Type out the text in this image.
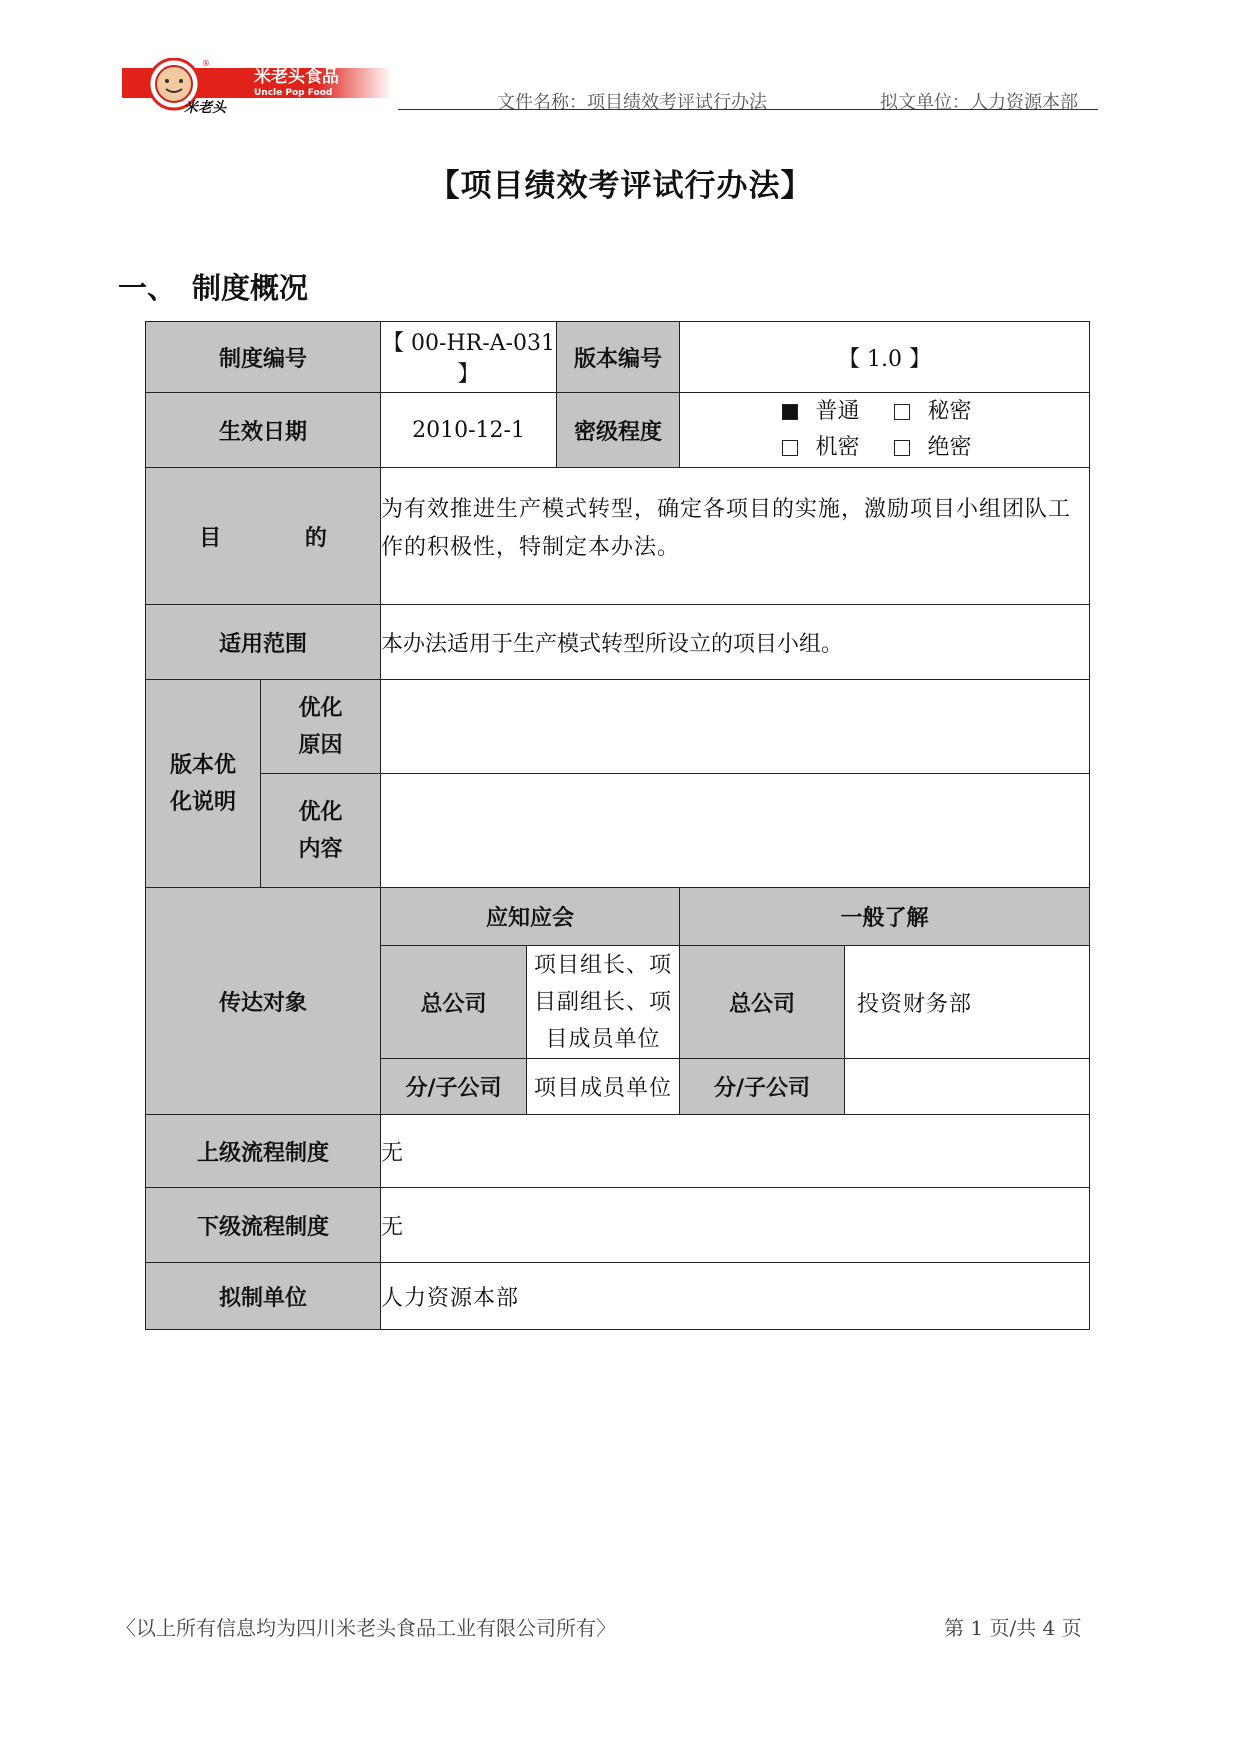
米老头食品
Uncle Pop Food
米老头
®
文件名称：项目绩效考评试行办法	拟文单位：人力资源本部
【项目绩效考评试行办法】
一、 制度概况
制度编号		【 00-HR-A-031 】		版本编号	【 1.0 】	
生效日期		2010-12-1		密级程度	普通 秘密
机密 绝密	

目 的		为有效推进生产模式转型，确定各项目的实施，激励项目小组团队工作的积极性，特制定本办法。				

适用范围		本办法适用于生产模式转型所设立的项目小组。				
版本优化说明	优化原因					
	优化内容					
传达对象		应知应会			一般了解	
		总公司	项目组长、项目副组长、项目成员单位		总公司	投资财务部
		分/子公司	项目成员单位		分/子公司	
上级流程制度		无				
下级流程制度		无				
拟制单位		人力资源本部				
〈以上所有信息均为四川米老头食品工业有限公司所有〉	第 1 页/共 4 页
